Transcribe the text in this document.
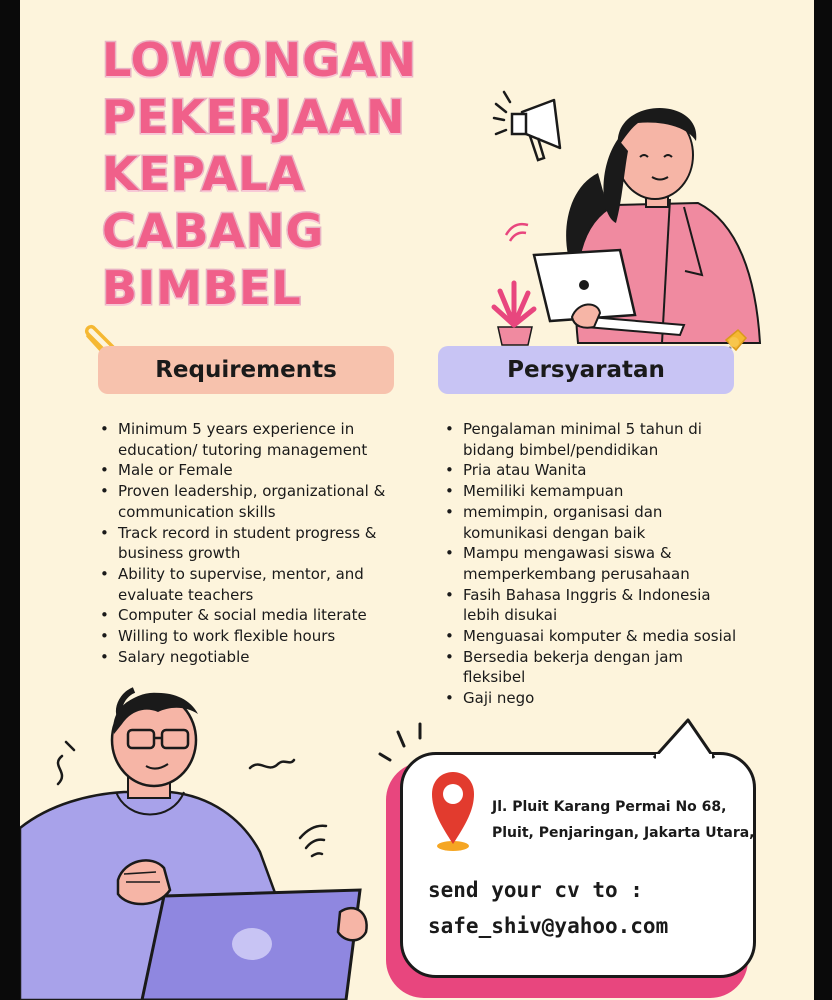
LOWONGAN
PEKERJAAN
KEPALA
CABANG
BIMBEL
Requirements	Persyaratan
• Minimum 5 years experience in education/ tutoring management
• Male or Female
• Proven leadership, organizational & communication skills
• Track record in student progress & business growth
• Ability to supervise, mentor, and evaluate teachers
• Computer & social media literate
• Willing to work flexible hours
• Salary negotiable
• Pengalaman minimal 5 tahun di bidang bimbel/pendidikan
• Pria atau Wanita
• Memiliki kemampuan
• memimpin, organisasi dan komunikasi dengan baik
• Mampu mengawasi siswa & memperkembang perusahaan
• Fasih Bahasa Inggris & Indonesia lebih disukai
• Menguasai komputer & media sosial
• Bersedia bekerja dengan jam fleksibel
• Gaji nego

Jl. Pluit Karang Permai No 68,
Pluit, Penjaringan, Jakarta Utara,

send your cv to :
safe_shiv@yahoo.com
